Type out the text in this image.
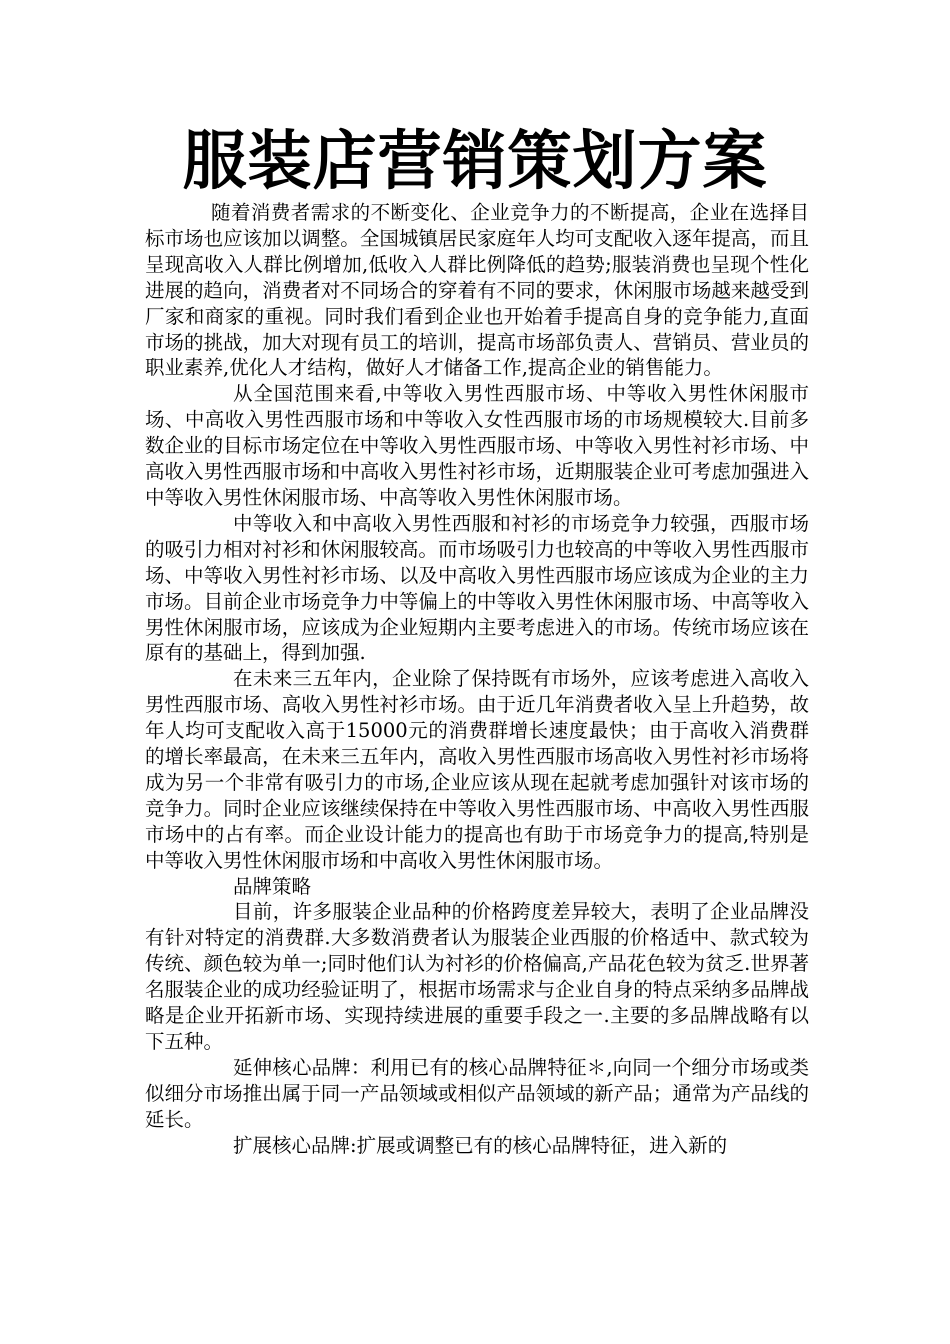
服装店营销策划方案

随着消费者需求的不断变化、企业竞争力的不断提高，企业在选择目标市场也应该加以调整。全国城镇居民家庭年人均可支配收入逐年提高，而且呈现高收入人群比例增加,低收入人群比例降低的趋势;服装消费也呈现个性化进展的趋向，消费者对不同场合的穿着有不同的要求，休闲服市场越来越受到厂家和商家的重视。同时我们看到企业也开始着手提高自身的竞争能力,直面市场的挑战，加大对现有员工的培训，提高市场部负责人、营销员、营业员的职业素养,优化人才结构，做好人才储备工作,提高企业的销售能力。

从全国范围来看,中等收入男性西服市场、中等收入男性休闲服市场、中高收入男性西服市场和中等收入女性西服市场的市场规模较大.目前多数企业的目标市场定位在中等收入男性西服市场、中等收入男性衬衫市场、中高收入男性西服市场和中高收入男性衬衫市场，近期服装企业可考虑加强进入中等收入男性休闲服市场、中高等收入男性休闲服市场。

中等收入和中高收入男性西服和衬衫的市场竞争力较强，西服市场的吸引力相对衬衫和休闲服较高。而市场吸引力也较高的中等收入男性西服市场、中等收入男性衬衫市场、以及中高收入男性西服市场应该成为企业的主力市场。目前企业市场竞争力中等偏上的中等收入男性休闲服市场、中高等收入男性休闲服市场，应该成为企业短期内主要考虑进入的市场。传统市场应该在原有的基础上，得到加强.

在未来三五年内，企业除了保持既有市场外，应该考虑进入高收入男性西服市场、高收入男性衬衫市场。由于近几年消费者收入呈上升趋势，故年人均可支配收入高于15000元的消费群增长速度最快；由于高收入消费群的增长率最高，在未来三五年内，高收入男性西服市场高收入男性衬衫市场将成为另一个非常有吸引力的市场,企业应该从现在起就考虑加强针对该市场的竞争力。同时企业应该继续保持在中等收入男性西服市场、中高收入男性西服市场中的占有率。而企业设计能力的提高也有助于市场竞争力的提高,特别是中等收入男性休闲服市场和中高收入男性休闲服市场。

品牌策略

目前，许多服装企业品种的价格跨度差异较大，表明了企业品牌没有针对特定的消费群.大多数消费者认为服装企业西服的价格适中、款式较为传统、颜色较为单一;同时他们认为衬衫的价格偏高,产品花色较为贫乏.世界著名服装企业的成功经验证明了，根据市场需求与企业自身的特点采纳多品牌战略是企业开拓新市场、实现持续进展的重要手段之一.主要的多品牌战略有以下五种。

延伸核心品牌：利用已有的核心品牌特征＊,向同一个细分市场或类似细分市场推出属于同一产品领域或相似产品领域的新产品；通常为产品线的延长。

扩展核心品牌:扩展或调整已有的核心品牌特征，进入新的
